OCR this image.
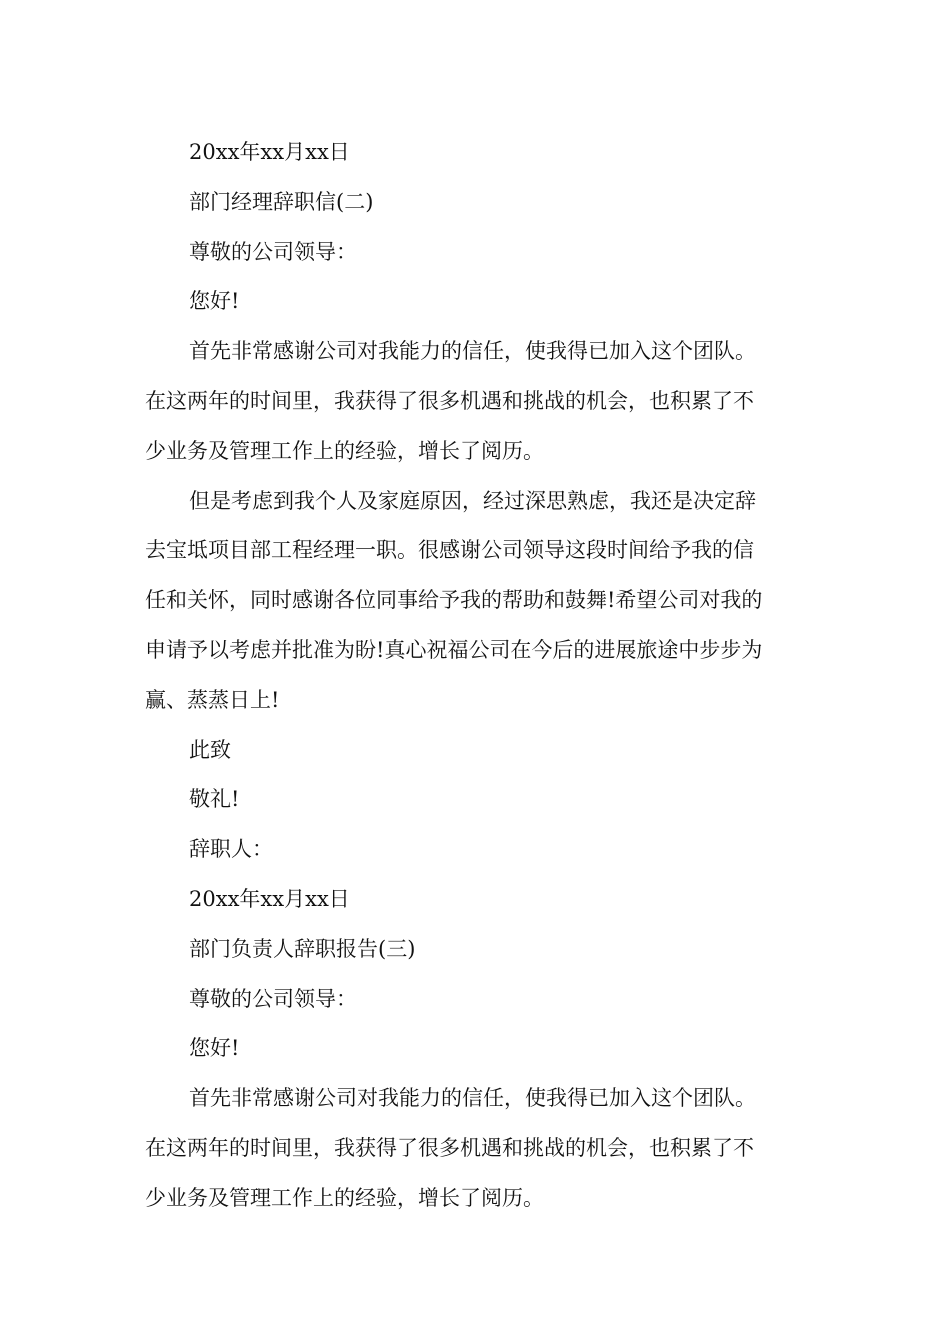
20xx年xx月xx日
部门经理辞职信(二)
尊敬的公司领导：
您好!
首先非常感谢公司对我能力的信任，使我得已加入这个团队。
在这两年的时间里，我获得了很多机遇和挑战的机会，也积累了不
少业务及管理工作上的经验，增长了阅历。
但是考虑到我个人及家庭原因，经过深思熟虑，我还是决定辞
去宝坻项目部工程经理一职。很感谢公司领导这段时间给予我的信
任和关怀，同时感谢各位同事给予我的帮助和鼓舞!希望公司对我的
申请予以考虑并批准为盼!真心祝福公司在今后的进展旅途中步步为
赢、蒸蒸日上!
此致
敬礼!
辞职人：
20xx年xx月xx日
部门负责人辞职报告(三)
尊敬的公司领导：
您好!
首先非常感谢公司对我能力的信任，使我得已加入这个团队。
在这两年的时间里，我获得了很多机遇和挑战的机会，也积累了不
少业务及管理工作上的经验，增长了阅历。
